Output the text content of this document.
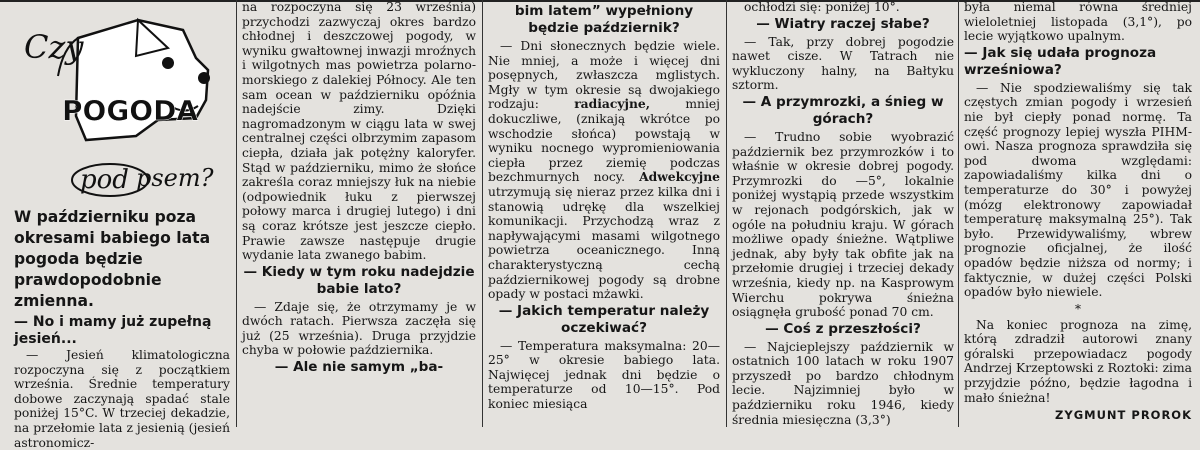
Czy
POGODA
pod psem?
W październiku poza okresami babiego lata pogoda będzie prawdopodobnie zmienna.
— No i mamy już zupełną jesień...

— Jesień klimatologiczna rozpoczyna się z początkiem września. Średnie temperatury dobowe zaczynają spadać stale poniżej 15°C. W trzeciej dekadzie, na przełomie lata z jesienią (jesień astronomicz-

na rozpoczyna się 23 września) przychodzi zazwyczaj okres bardzo chłodnej i deszczowej pogody, w wyniku gwałtownej inwazji mroźnych i wilgotnych mas powietrza polarno-morskiego z dalekiej Północy. Ale ten sam ocean w październiku opóźnia nadejście zimy. Dzięki nagromadzonym w ciągu lata w swej centralnej części olbrzymim zapasom ciepła, działa jak potężny kaloryfer. Stąd w październiku, mimo że słońce zakreśla coraz mniejszy łuk na niebie (odpowiednik łuku z pierwszej połowy marca i drugiej lutego) i dni są coraz krótsze jest jeszcze ciepło. Prawie zawsze następuje drugie wydanie lata zwanego babim.

— Kiedy w tym roku nadejdzie babie lato?

— Zdaje się, że otrzymamy je w dwóch ratach. Pierwsza zaczęła się już (25 września). Druga przyjdzie chyba w połowie października.

— Ale nie samym „ba-
bim latem” wypełniony będzie październik?

— Dni słonecznych będzie wiele. Nie mniej, a może i więcej dni posępnych, zwłaszcza mglistych. Mgły w tym okresie są dwojakiego rodzaju:	radiacyjne,	mniej dokuczliwe, (znikają wkrótce po wschodzie słońca) powstają w wyniku nocnego wypromieniowania ciepła przez ziemię podczas bezchmurnych nocy. Adwekcyjne utrzymują się nieraz przez kilka dni i stanowią udrękę dla wszelkiej komunikacji. Przychodzą wraz z napływającymi masami wilgotnego powietrza oceanicznego. Inną charakterystyczną cechą październikowej pogody są drobne opady w postaci mżawki.

— Jakich temperatur należy oczekiwać?

— Temperatura maksymalna: 20—25° w okresie babiego lata. Najwięcej jednak dni będzie o temperaturze od 10—15°. Pod koniec miesiąca

ochłodzi się: poniżej 10°.

— Wiatry raczej słabe?

— Tak, przy dobrej pogodzie nawet cisze. W Tatrach nie wykluczony halny, na Bałtyku sztorm.

— A przymrozki, a śnieg w górach?

— Trudno sobie wyobrazić październik bez przymrozków i to właśnie w okresie dobrej pogody. Przymrozki do —5°, lokalnie poniżej wystąpią przede wszystkim w rejonach podgórskich, jak w ogóle na południu kraju. W górach możliwe opady śnieżne. Wątpliwe jednak, aby były tak obfite jak na przełomie drugiej i trzeciej dekady września, kiedy np. na Kasprowym Wierchu pokrywa śnieżna osiągnęła grubość ponad 70 cm.

— Coś z przeszłości?

— Najcieplejszy październik w ostatnich 100 latach w roku 1907 przyszedł po bardzo chłodnym lecie. Najzimniej było w październiku roku 1946, kiedy średnia miesięczna (3,3°)

była niemal równa średniej wieloletniej listopada (3,1°), po lecie wyjątkowo upalnym.

— Jak się udała prognoza wrześniowa?

— Nie spodziewaliśmy się tak częstych zmian pogody i wrzesień nie był ciepły ponad normę. Ta część prognozy lepiej wyszła PIHM-owi. Nasza prognoza sprawdziła się pod dwoma względami: zapowiadaliśmy kilka dni o temperaturze do 30° i powyżej (mózg elektronowy zapowiadał temperaturę maksymalną 25°). Tak było. Przewidywaliśmy, wbrew prognozie oficjalnej, że ilość opadów będzie niższa od normy; i faktycznie, w dużej części Polski opadów było niewiele.

*

Na koniec prognoza na zimę, którą zdradził autorowi znany góralski przepowiadacz pogody Andrzej Krzeptowski z Roztoki: zima przyjdzie późno, będzie łagodna i mało śnieżna!

ZYGMUNT PROROK
